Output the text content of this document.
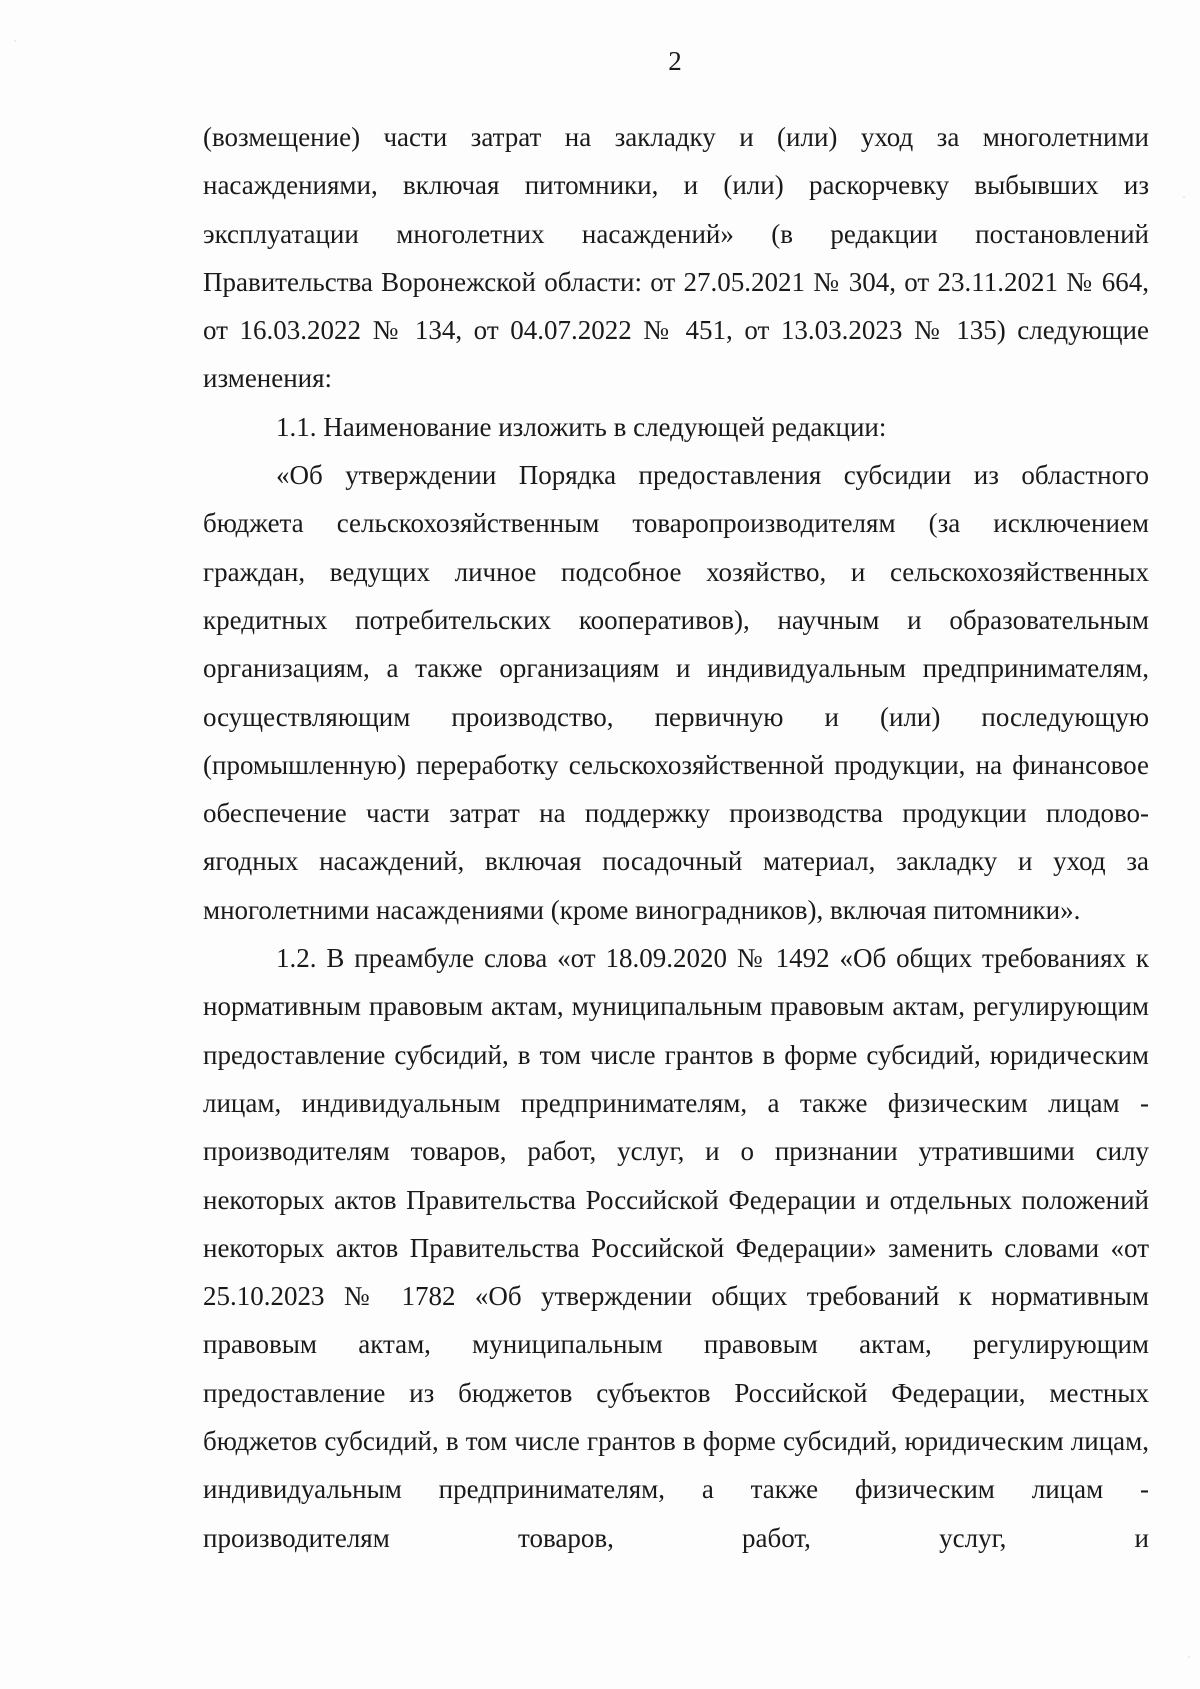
2

(возмещение) части затрат на закладку и (или) уход за многолетними насаждениями, включая питомники, и (или) раскорчевку выбывших из эксплуатации многолетних насаждений» (в редакции постановлений Правительства Воронежской области: от 27.05.2021 № 304, от 23.11.2021 № 664, от 16.03.2022 № 134, от 04.07.2022 № 451, от 13.03.2023 № 135) следующие изменения:

1.1. Наименование изложить в следующей редакции:

«Об утверждении Порядка предоставления субсидии из областного бюджета сельскохозяйственным товаропроизводителям (за исключением граждан, ведущих личное подсобное хозяйство, и сельскохозяйственных кредитных потребительских кооперативов), научным и образовательным организациям, а также организациям и индивидуальным предпринимателям, осуществляющим производство, первичную и (или) последующую (промышленную) переработку сельскохозяйственной продукции, на финансовое обеспечение части затрат на поддержку производства продукции плодово-ягодных насаждений, включая посадочный материал, закладку и уход за многолетними насаждениями (кроме виноградников), включая питомники».

1.2. В преамбуле слова «от 18.09.2020 № 1492 «Об общих требованиях к нормативным правовым актам, муниципальным правовым актам, регулирующим предоставление субсидий, в том числе грантов в форме субсидий, юридическим лицам, индивидуальным предпринимателям, а также физическим лицам - производителям товаров, работ, услуг, и о признании утратившими силу некоторых актов Правительства Российской Федерации и отдельных положений некоторых актов Правительства Российской Федерации» заменить словами «от 25.10.2023 № 1782 «Об утверждении общих требований к нормативным правовым актам, муниципальным правовым актам, регулирующим предоставление из бюджетов субъектов Российской Федерации, местных бюджетов субсидий, в том числе грантов в форме субсидий, юридическим лицам, индивидуальным предпринимателям, а также физическим лицам - производителям товаров, работ, услуг, и
